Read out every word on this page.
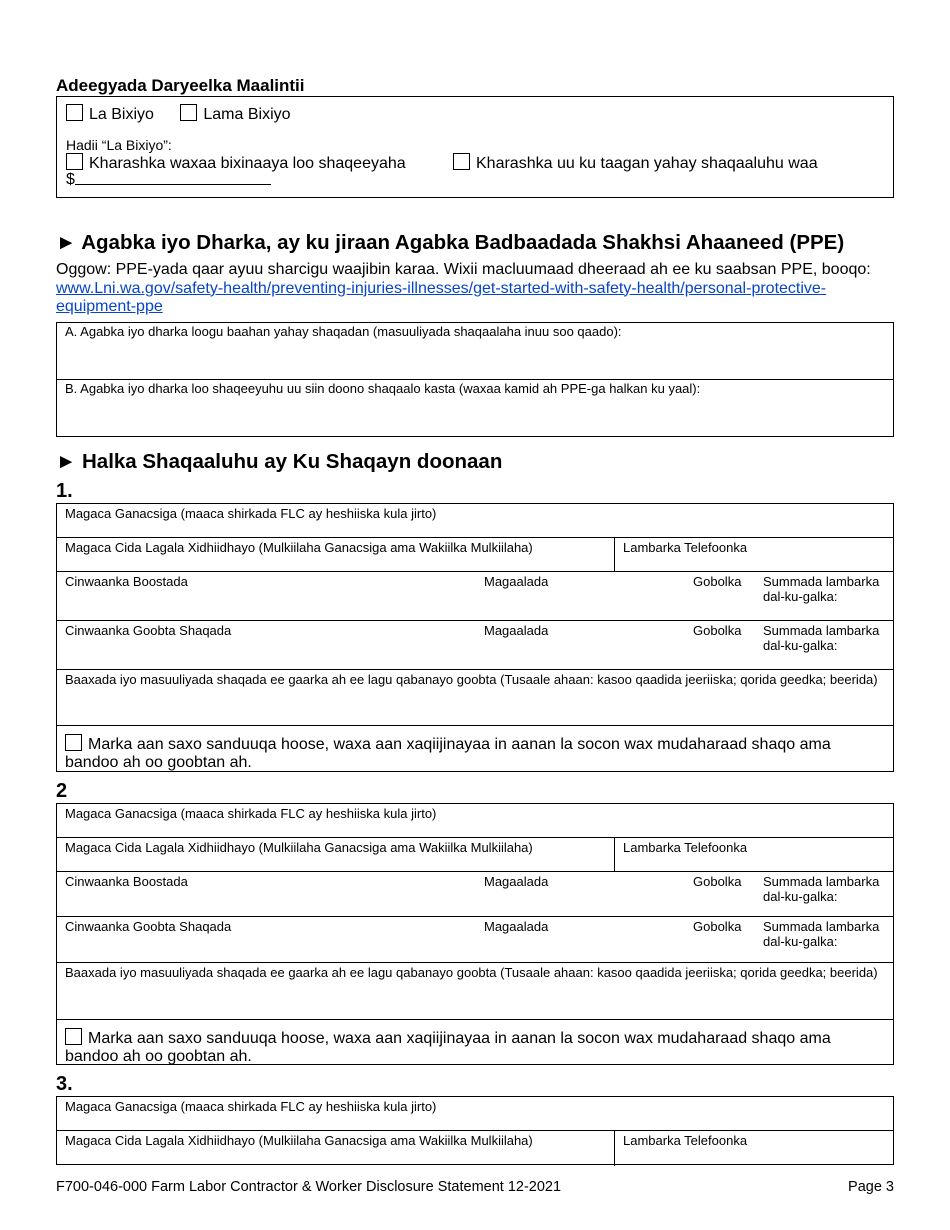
Adeegyada Daryeelka Maalintii
La Bixiyo	Lama Bixiyo
Hadii “La Bixiyo”:
Kharashka waxaa bixinaaya loo shaqeeyaha	Kharashka uu ku taagan yahay shaqaaluhu waa
$
► Agabka iyo Dharka, ay ku jiraan Agabka Badbaadada Shakhsi Ahaaneed (PPE)
Oggow: PPE-yada qaar ayuu sharcigu waajibin karaa. Wixii macluumaad dheeraad ah ee ku saabsan PPE, booqo: www.Lni.wa.gov/safety-health/preventing-injuries-illnesses/get-started-with-safety-health/personal-protective-equipment-ppe
A. Agabka iyo dharka loogu baahan yahay shaqadan (masuuliyada shaqaalaha inuu soo qaado):
B. Agabka iyo dharka loo shaqeeyuhu uu siin doono shaqaalo kasta (waxaa kamid ah PPE-ga halkan ku yaal):
► Halka Shaqaaluhu ay Ku Shaqayn doonaan
1.
Magaca Ganacsiga (maaca shirkada FLC ay heshiiska kula jirto)
Magaca Cida Lagala Xidhiidhayo (Mulkiilaha Ganacsiga ama Wakiilka Mulkiilaha)	Lambarka Telefoonka
Cinwaanka Boostada	Magaalada	Gobolka	Summada lambarka dal-ku-galka:
Cinwaanka Goobta Shaqada	Magaalada	Gobolka	Summada lambarka dal-ku-galka:
Baaxada iyo masuuliyada shaqada ee gaarka ah ee lagu qabanayo goobta (Tusaale ahaan: kasoo qaadida jeeriiska; qorida geedka; beerida)
Marka aan saxo sanduuqa hoose, waxa aan xaqiijinayaa in aanan la socon wax mudaharaad shaqo ama bandoo ah oo goobtan ah.
2
Magaca Ganacsiga (maaca shirkada FLC ay heshiiska kula jirto)
Magaca Cida Lagala Xidhiidhayo (Mulkiilaha Ganacsiga ama Wakiilka Mulkiilaha)	Lambarka Telefoonka
Cinwaanka Boostada	Magaalada	Gobolka	Summada lambarka dal-ku-galka:
Cinwaanka Goobta Shaqada	Magaalada	Gobolka	Summada lambarka dal-ku-galka:
Baaxada iyo masuuliyada shaqada ee gaarka ah ee lagu qabanayo goobta (Tusaale ahaan: kasoo qaadida jeeriiska; qorida geedka; beerida)
Marka aan saxo sanduuqa hoose, waxa aan xaqiijinayaa in aanan la socon wax mudaharaad shaqo ama bandoo ah oo goobtan ah.
3.
Magaca Ganacsiga (maaca shirkada FLC ay heshiiska kula jirto)
Magaca Cida Lagala Xidhiidhayo (Mulkiilaha Ganacsiga ama Wakiilka Mulkiilaha)	Lambarka Telefoonka
F700-046-000 Farm Labor Contractor & Worker Disclosure Statement 12-2021	Page 3
